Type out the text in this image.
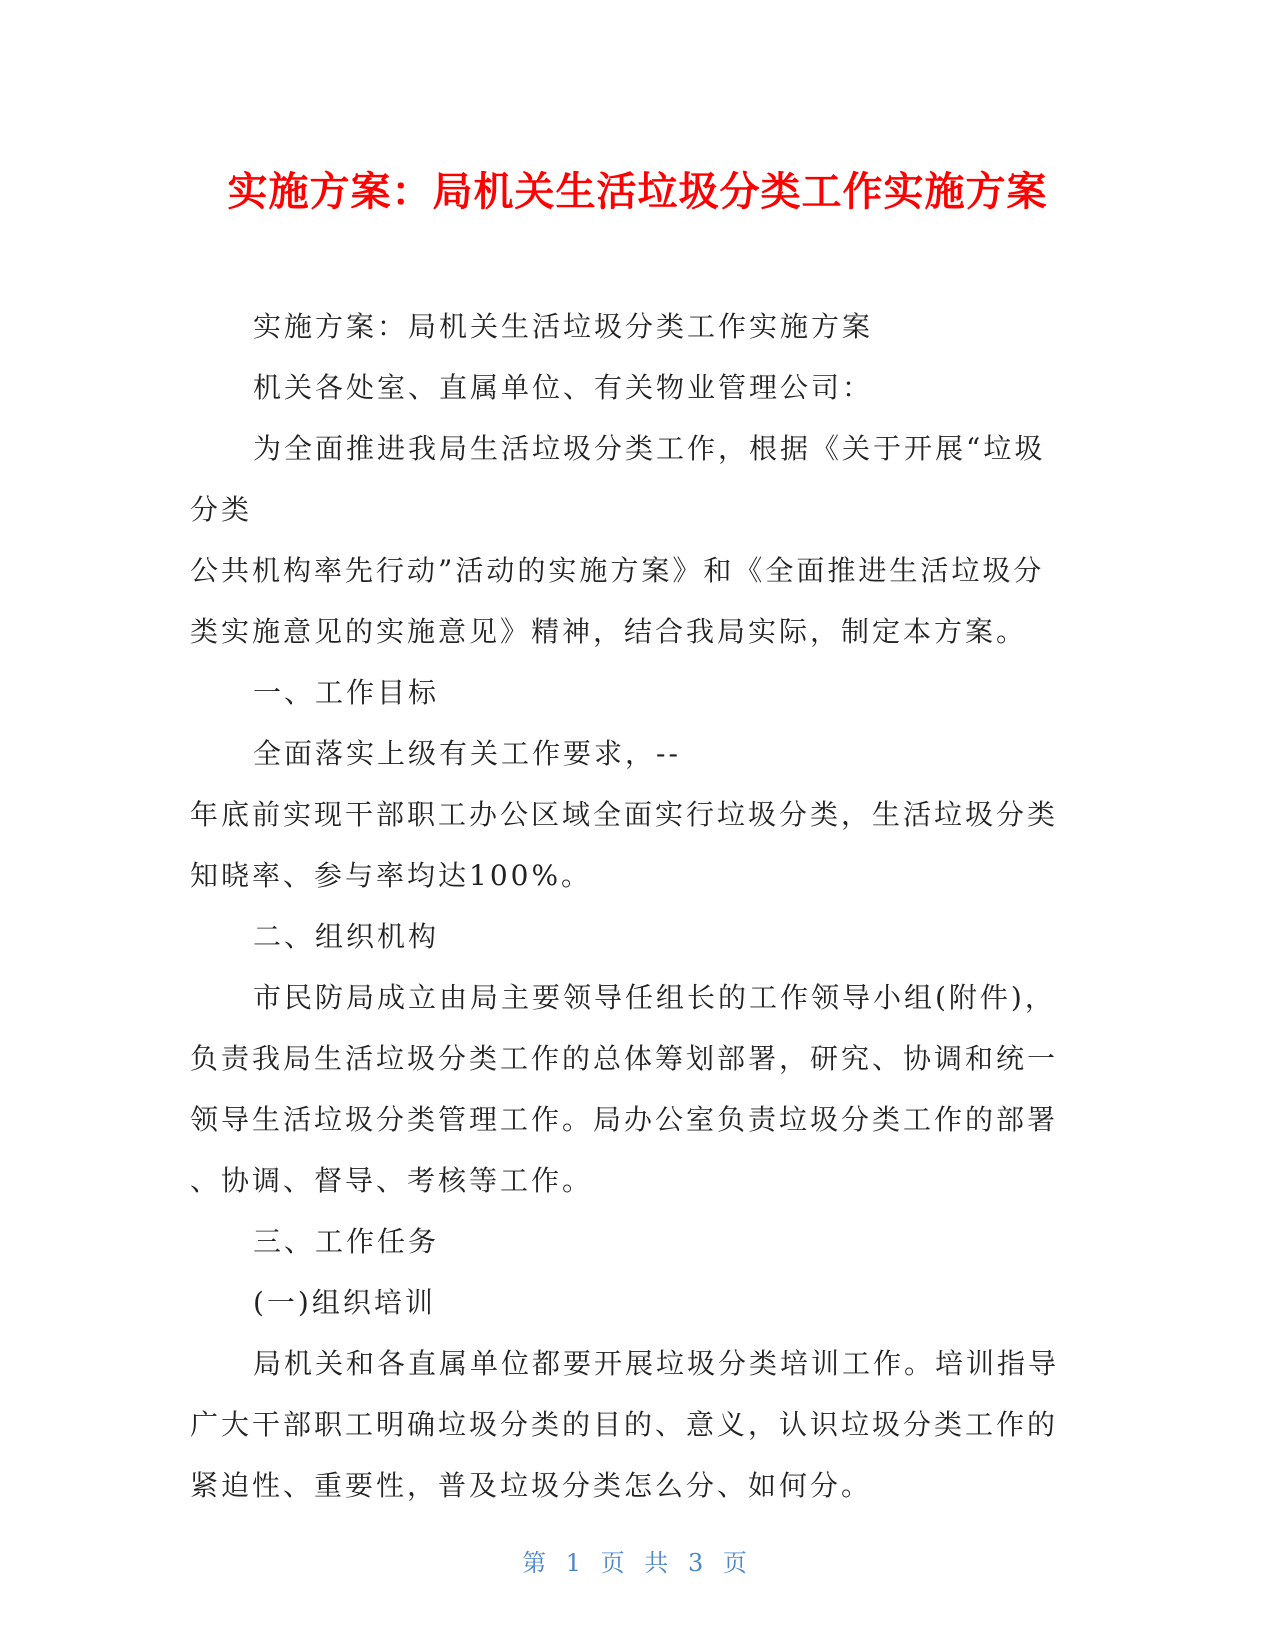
实施方案：局机关生活垃圾分类工作实施方案
实施方案：局机关生活垃圾分类工作实施方案
机关各处室、直属单位、有关物业管理公司：
为全面推进我局生活垃圾分类工作，根据《关于开展“垃圾
分类
公共机构率先行动”活动的实施方案》和《全面推进生活垃圾分
类实施意见的实施意见》精神，结合我局实际，制定本方案。
一、工作目标
全面落实上级有关工作要求，--
年底前实现干部职工办公区域全面实行垃圾分类，生活垃圾分类
知晓率、参与率均达100%。
二、组织机构
市民防局成立由局主要领导任组长的工作领导小组(附件)，
负责我局生活垃圾分类工作的总体筹划部署，研究、协调和统一
领导生活垃圾分类管理工作。局办公室负责垃圾分类工作的部署
、协调、督导、考核等工作。
三、工作任务
(一)组织培训
局机关和各直属单位都要开展垃圾分类培训工作。培训指导
广大干部职工明确垃圾分类的目的、意义，认识垃圾分类工作的
紧迫性、重要性，普及垃圾分类怎么分、如何分。
第 1 页 共 3 页
